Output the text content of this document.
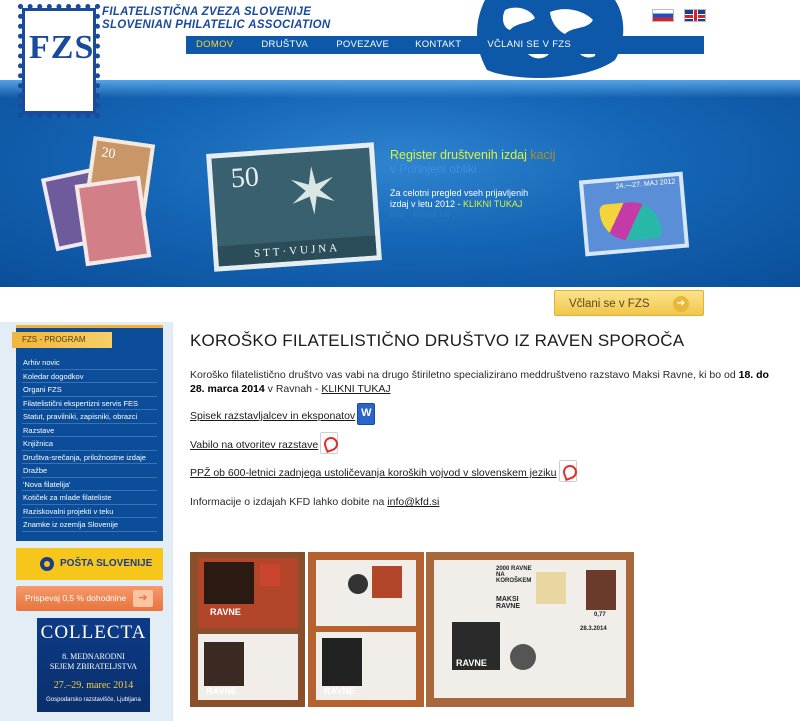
FILATELISTIČNA ZVEZA SLOVENIJE
SLOVENIAN PHILATELIC ASSOCIATION

DOMOV	DRUŠTVA	POVEZAVE	KONTAKT	VČLANI SE V FZS
FZS
20
50 ✶
STT·VUJNA
24.—27. MAJ 2012
Register društvenih izdaj kacij
v Pdrinjeni obliki
Za celotni pregled vseh prijavljenih
izdaj v letu 2012 - KLIKNI TUKAJ
brati - kliknite kaj ...
Včlani se v FZS	➔
FZS - PROGRAM
Arhiv novic
Koledar dogodkov
Organi FZS
Filatelistični ekspertizni servis FES
Statut, pravilniki, zapisniki, obrazci
Razstave
Knjižnica
Društva-srečanja, priložnostne izdaje
Dražbe
'Nova filatelija'
Kotiček za mlade filateliste
Raziskovalni projekti v teku
Znamke iz ozemlja Slovenije
POŠTA SLOVENIJE
Prispevaj 0,5 % dohodnine	➔
COLLECTA
8. MEDNARODNI
SEJEM ZBIRATELJSTVA
27.–29. marec 2014
Gospodarsko razstavišče, Ljubljana
KOROŠKO FILATELISTIČNO DRUŠTVO IZ RAVEN SPOROČA
Koroško filatelistično društvo vas vabi na drugo štiriletno specializirano meddruštveno razstavo Maksi Ravne, ki bo od 18. do 28. marca 2014 v Ravnah - KLIKNI TUKAJ
Spisek razstavljalcev in eksponatovW
Vabilo na otvoritev razstave
PPŽ ob 600-letnici zadnjega ustoličevanja koroških vojvod v slovenskem jeziku
Informacije o izdajah KFD lahko dobite na info@kfd.si
RAVNE
RAVNE	RAVNE
2000 RAVNE NA KOROŠKEM
MAKSI RAVNE
0,77
28.3.2014
RAVNE
